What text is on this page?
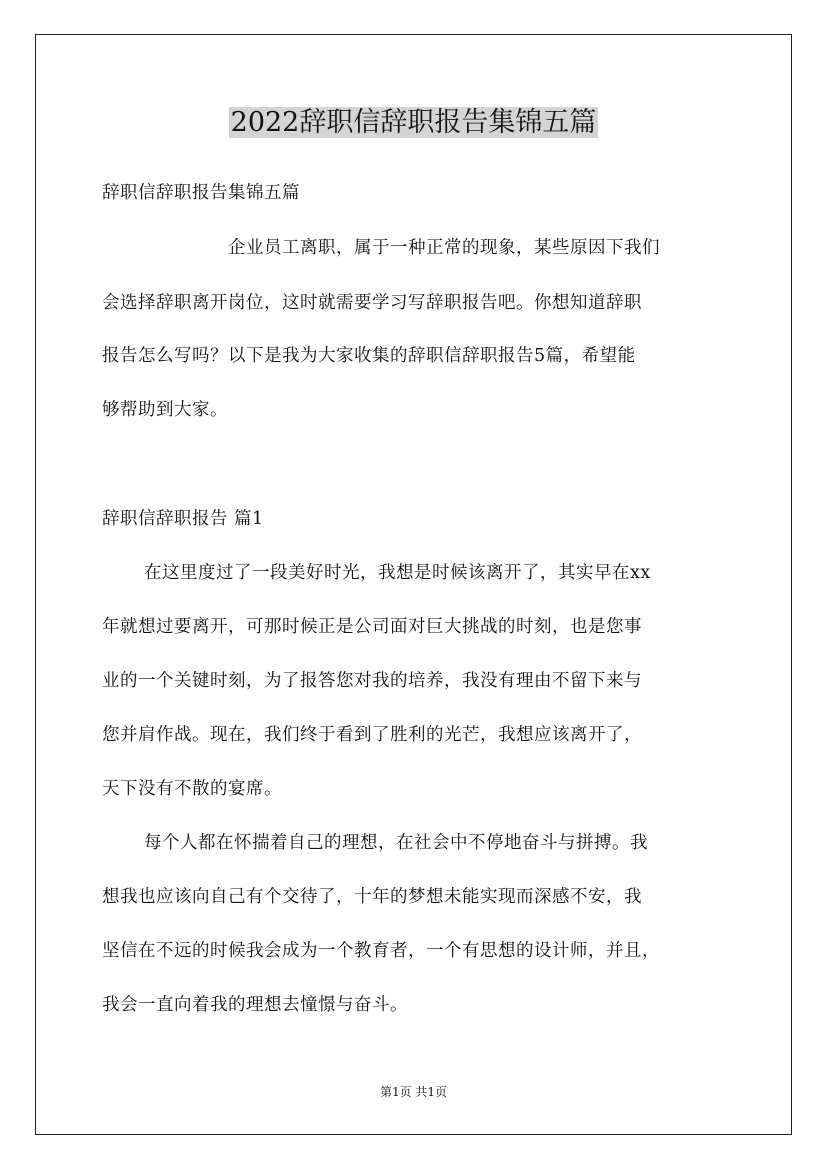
2022辞职信辞职报告集锦五篇
辞职信辞职报告集锦五篇
企业员工离职，属于一种正常的现象，某些原因下我们
会选择辞职离开岗位，这时就需要学习写辞职报告吧。你想知道辞职
报告怎么写吗？以下是我为大家收集的辞职信辞职报告5篇，希望能
够帮助到大家。
辞职信辞职报告 篇1
在这里度过了一段美好时光，我想是时候该离开了，其实早在xx
年就想过要离开，可那时候正是公司面对巨大挑战的时刻，也是您事
业的一个关键时刻，为了报答您对我的培养，我没有理由不留下来与
您并肩作战。现在，我们终于看到了胜利的光芒，我想应该离开了，
天下没有不散的宴席。
每个人都在怀揣着自己的理想，在社会中不停地奋斗与拼搏。我
想我也应该向自己有个交待了，十年的梦想未能实现而深感不安，我
坚信在不远的时候我会成为一个教育者，一个有思想的设计师，并且，
我会一直向着我的理想去憧憬与奋斗。
第1页 共1页
